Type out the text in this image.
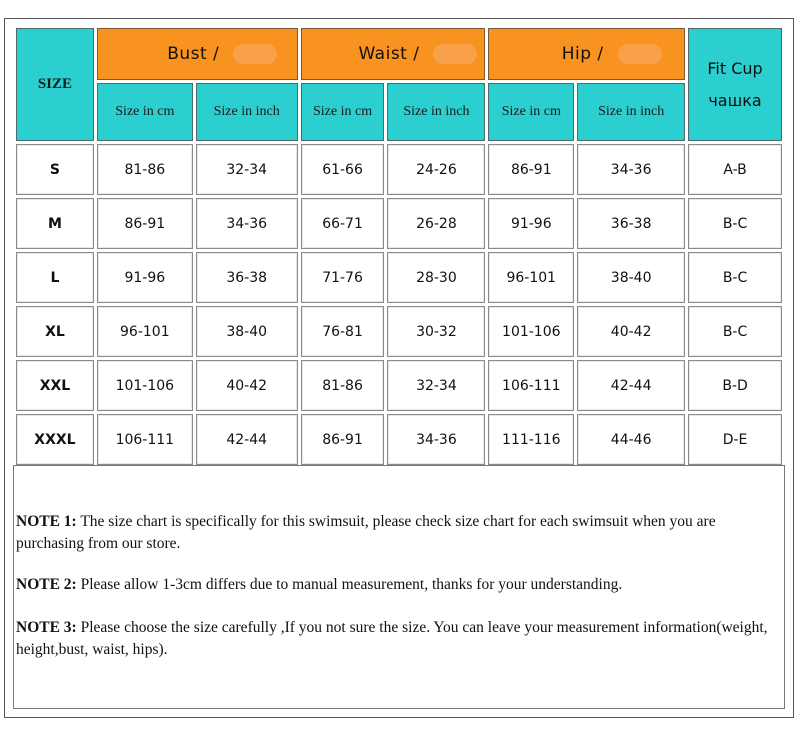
SIZE	Bust /		Waist /		Hip /		Fit Cup
чашка

	Size in cm	Size in inch	Size in cm	Size in inch	Size in cm	Size in inch	
S	81-86	32-34	61-66	24-26	86-91	34-36	A-B
M	86-91	34-36	66-71	26-28	91-96	36-38	B-C
L	91-96	36-38	71-76	28-30	96-101	38-40	B-C
XL	96-101	38-40	76-81	30-32	101-106	40-42	B-C
XXL	101-106	40-42	81-86	32-34	106-111	42-44	B-D
XXXL	106-111	42-44	86-91	34-36	111-116	44-46	D-E
NOTE 1: The size chart is specifically for this swimsuit, please check size chart for each swimsuit when you are purchasing from our store.
NOTE 2: Please allow 1-3cm differs due to manual measurement, thanks for your understanding.
NOTE 3: Please choose the size carefully ,If you not sure the size. You can leave your measurement information(weight, height,bust, waist, hips).
